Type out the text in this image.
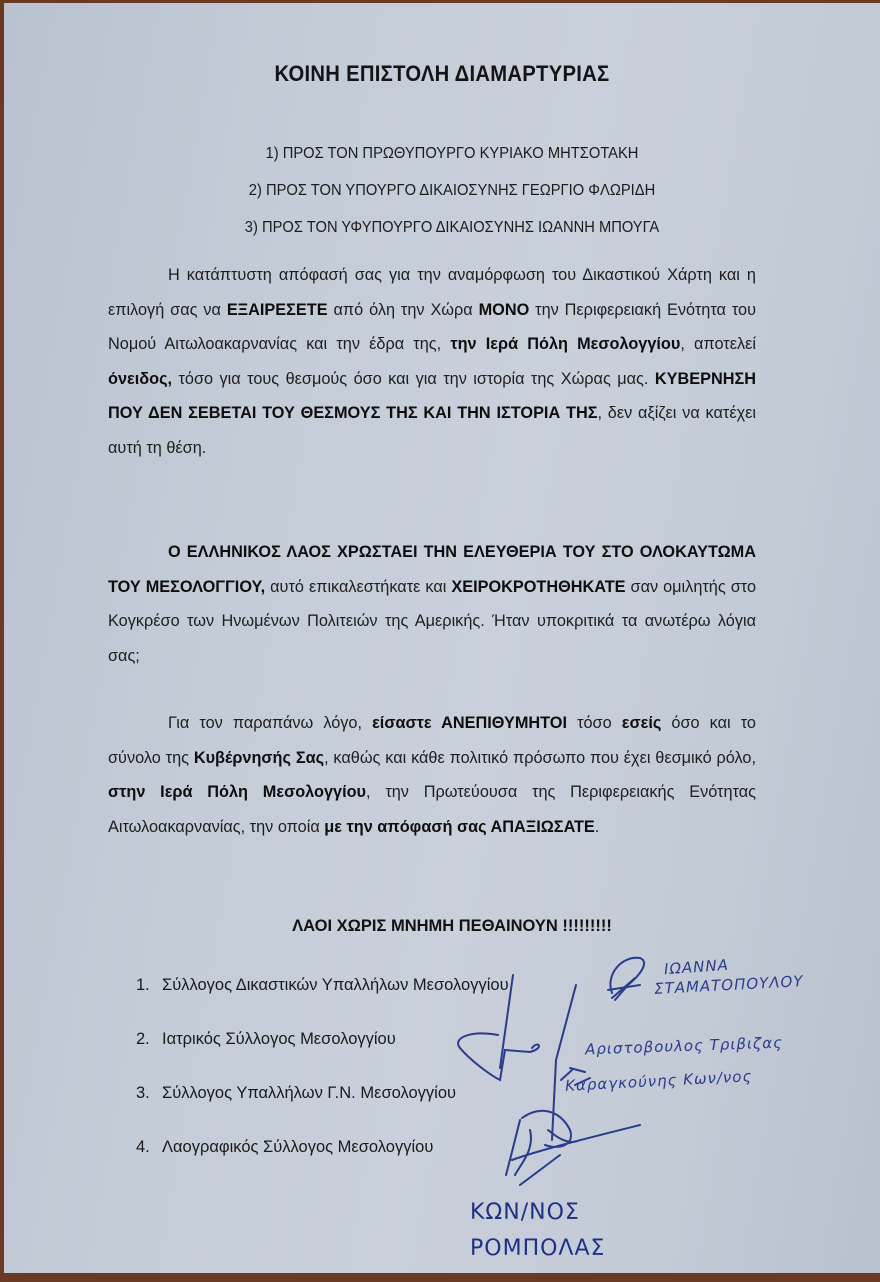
ΚΟΙΝΗ ΕΠΙΣΤΟΛΗ ΔΙΑΜΑΡΤΥΡΙΑΣ
1) ΠΡΟΣ ΤΟΝ ΠΡΩΘΥΠΟΥΡΓΟ ΚΥΡΙΑΚΟ ΜΗΤΣΟΤΑΚΗ
2) ΠΡΟΣ ΤΟΝ ΥΠΟΥΡΓΟ ΔΙΚΑΙΟΣΥΝΗΣ ΓΕΩΡΓΙΟ ΦΛΩΡΙΔΗ
3) ΠΡΟΣ ΤΟΝ ΥΦΥΠΟΥΡΓΟ ΔΙΚΑΙΟΣΥΝΗΣ ΙΩΑΝΝΗ ΜΠΟΥΓΑ
Η κατάπτυστη απόφασή σας για την αναμόρφωση του Δικαστικού Χάρτη και η επιλογή σας να ΕΞΑΙΡΕΣΕΤΕ από όλη την Χώρα ΜΟΝΟ την Περιφερειακή Ενότητα του Νομού Αιτωλοακαρνανίας και την έδρα της, την Ιερά Πόλη Μεσολογγίου, αποτελεί όνειδος, τόσο για τους θεσμούς όσο και για την ιστορία της Χώρας μας. ΚΥΒΕΡΝΗΣΗ ΠΟΥ ΔΕΝ ΣΕΒΕΤΑΙ ΤΟΥ ΘΕΣΜΟΥΣ ΤΗΣ ΚΑΙ ΤΗΝ ΙΣΤΟΡΙΑ ΤΗΣ, δεν αξίζει να κατέχει αυτή τη θέση.
Ο ΕΛΛΗΝΙΚΟΣ ΛΑΟΣ ΧΡΩΣΤΑΕΙ ΤΗΝ ΕΛΕΥΘΕΡΙΑ ΤΟΥ ΣΤΟ ΟΛΟΚΑΥΤΩΜΑ ΤΟΥ ΜΕΣΟΛΟΓΓΙΟΥ, αυτό επικαλεστήκατε και ΧΕΙΡΟΚΡΟΤΗΘΗΚΑΤΕ σαν ομιλητής στο Κογκρέσο των Ηνωμένων Πολιτειών της Αμερικής. Ήταν υποκριτικά τα ανωτέρω λόγια σας;
Για τον παραπάνω λόγο, είσαστε ΑΝΕΠΙΘΥΜΗΤΟΙ τόσο εσείς όσο και το σύνολο της Κυβέρνησής Σας, καθώς και κάθε πολιτικό πρόσωπο που έχει θεσμικό ρόλο, στην Ιερά Πόλη Μεσολογγίου, την Πρωτεύουσα της Περιφερειακής Ενότητας Αιτωλοακαρνανίας, την οποία με την απόφασή σας ΑΠΑΞΙΩΣΑΤΕ.
ΛΑΟΙ ΧΩΡΙΣ ΜΝΗΜΗ ΠΕΘΑΙΝΟΥΝ !!!!!!!!!
1. Σύλλογος Δικαστικών Υπαλλήλων Μεσολογγίου
2. Ιατρικός Σύλλογος Μεσολογγίου
3. Σύλλογος Υπαλλήλων Γ.Ν. Μεσολογγίου
4. Λαογραφικός Σύλλογος Μεσολογγίου
ΙΩΑΝΝΑ
ΣΤΑΜΑΤΟΠΟΥΛΟΥ
Αριστοβουλος Τριβιζας
Καραγκούνης Κων/νος
ΚΩΝ/ΝΟΣ
ΡΟΜΠΟΛΑΣ
